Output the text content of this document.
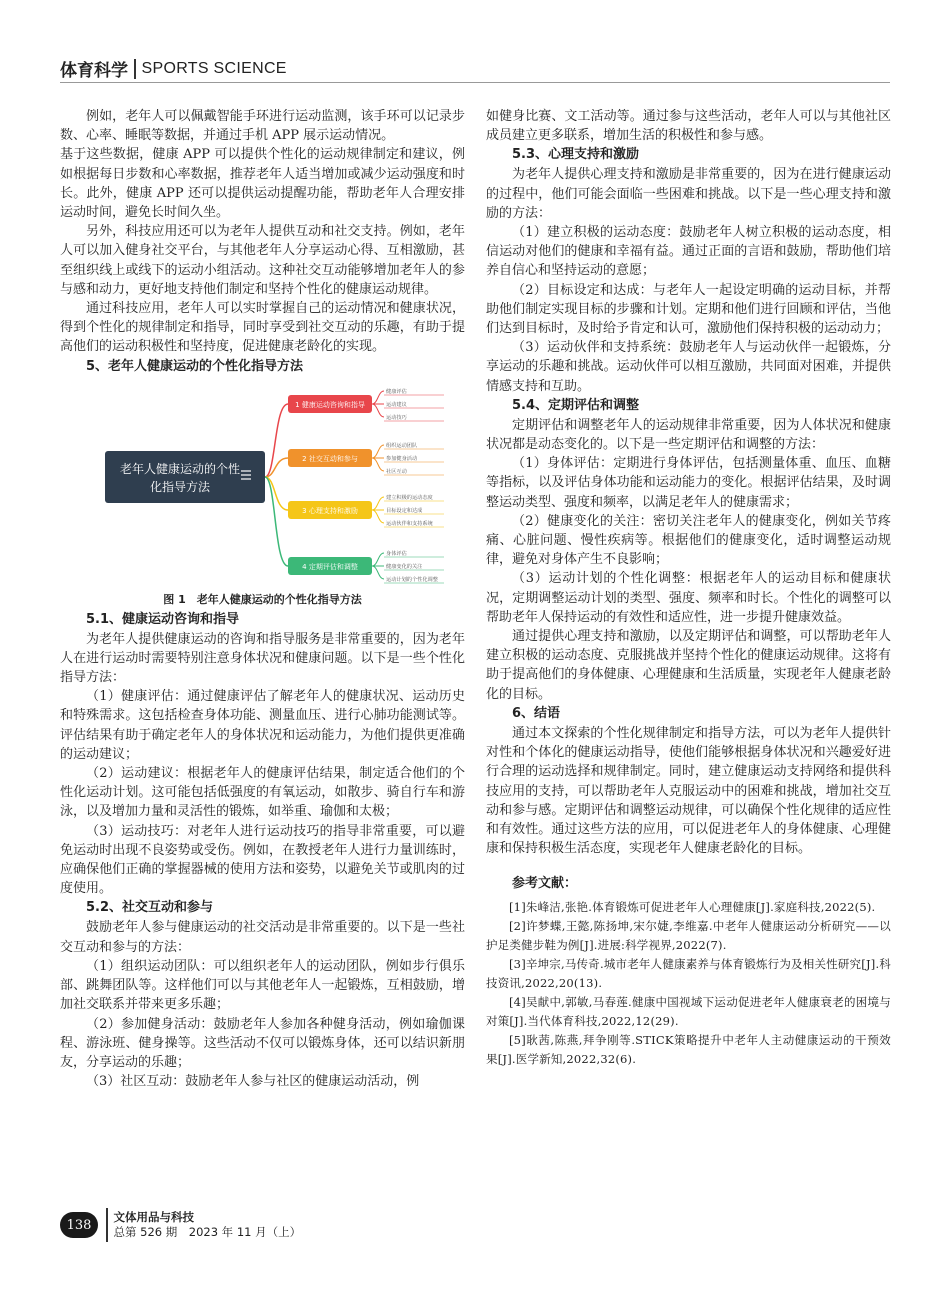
体育科学 SPORTS SCIENCE

例如，老年人可以佩戴智能手环进行运动监测，该手环可以记录步数、心率、睡眠等数据，并通过手机 APP 展示运动情况。

基于这些数据，健康 APP 可以提供个性化的运动规律制定和建议，例如根据每日步数和心率数据，推荐老年人适当增加或减少运动强度和时长。此外，健康 APP 还可以提供运动提醒功能，帮助老年人合理安排运动时间，避免长时间久坐。

另外，科技应用还可以为老年人提供互动和社交支持。例如，老年人可以加入健身社交平台，与其他老年人分享运动心得、互相激励，甚至组织线上或线下的运动小组活动。这种社交互动能够增加老年人的参与感和动力，更好地支持他们制定和坚持个性化的健康运动规律。

通过科技应用，老年人可以实时掌握自己的运动情况和健康状况，得到个性化的规律制定和指导，同时享受到社交互动的乐趣，有助于提高他们的运动积极性和坚持度，促进健康老龄化的实现。

5、老年人健康运动的个性化指导方法
老年人健康运动的个性
化指导方法
1 健康运动咨询和指导
健康评估
运动建议
运动技巧
2 社交互动和参与
组织运动团队
参加健身活动
社区互动
3 心理支持和激励
建立积极的运动态度
目标设定和达成
运动伙伴和支持系统
4 定期评估和调整
身体评估
健康变化的关注
运动计划的个性化调整
图 1　老年人健康运动的个性化指导方法
5.1、健康运动咨询和指导

为老年人提供健康运动的咨询和指导服务是非常重要的，因为老年人在进行运动时需要特别注意身体状况和健康问题。以下是一些个性化指导方法：

（1）健康评估：通过健康评估了解老年人的健康状况、运动历史和特殊需求。这包括检查身体功能、测量血压、进行心肺功能测试等。评估结果有助于确定老年人的身体状况和运动能力，为他们提供更准确的运动建议；

（2）运动建议：根据老年人的健康评估结果，制定适合他们的个性化运动计划。这可能包括低强度的有氧运动，如散步、骑自行车和游泳，以及增加力量和灵活性的锻炼，如举重、瑜伽和太极；

（3）运动技巧：对老年人进行运动技巧的指导非常重要，可以避免运动时出现不良姿势或受伤。例如，在教授老年人进行力量训练时，应确保他们正确的掌握器械的使用方法和姿势，以避免关节或肌肉的过度使用。

5.2、社交互动和参与

鼓励老年人参与健康运动的社交活动是非常重要的。以下是一些社交互动和参与的方法：

（1）组织运动团队：可以组织老年人的运动团队，例如步行俱乐部、跳舞团队等。这样他们可以与其他老年人一起锻炼，互相鼓励，增加社交联系并带来更多乐趣；

（2）参加健身活动：鼓励老年人参加各种健身活动，例如瑜伽课程、游泳班、健身操等。这些活动不仅可以锻炼身体，还可以结识新朋友，分享运动的乐趣；

（3）社区互动：鼓励老年人参与社区的健康运动活动，例

如健身比赛、文工活动等。通过参与这些活动，老年人可以与其他社区成员建立更多联系，增加生活的积极性和参与感。

5.3、心理支持和激励

为老年人提供心理支持和激励是非常重要的，因为在进行健康运动的过程中，他们可能会面临一些困难和挑战。以下是一些心理支持和激励的方法：

（1）建立积极的运动态度：鼓励老年人树立积极的运动态度，相信运动对他们的健康和幸福有益。通过正面的言语和鼓励，帮助他们培养自信心和坚持运动的意愿；

（2）目标设定和达成：与老年人一起设定明确的运动目标，并帮助他们制定实现目标的步骤和计划。定期和他们进行回顾和评估，当他们达到目标时，及时给予肯定和认可，激励他们保持积极的运动动力；

（3）运动伙伴和支持系统：鼓励老年人与运动伙伴一起锻炼，分享运动的乐趣和挑战。运动伙伴可以相互激励，共同面对困难，并提供情感支持和互助。

5.4、定期评估和调整

定期评估和调整老年人的运动规律非常重要，因为人体状况和健康状况都是动态变化的。以下是一些定期评估和调整的方法：

（1）身体评估：定期进行身体评估，包括测量体重、血压、血糖等指标，以及评估身体功能和运动能力的变化。根据评估结果，及时调整运动类型、强度和频率，以满足老年人的健康需求；

（2）健康变化的关注：密切关注老年人的健康变化，例如关节疼痛、心脏问题、慢性疾病等。根据他们的健康变化，适时调整运动规律，避免对身体产生不良影响；

（3）运动计划的个性化调整：根据老年人的运动目标和健康状况，定期调整运动计划的类型、强度、频率和时长。个性化的调整可以帮助老年人保持运动的有效性和适应性，进一步提升健康效益。

通过提供心理支持和激励，以及定期评估和调整，可以帮助老年人建立积极的运动态度、克服挑战并坚持个性化的健康运动规律。这将有助于提高他们的身体健康、心理健康和生活质量，实现老年人健康老龄化的目标。

6、结语

通过本文探索的个性化规律制定和指导方法，可以为老年人提供针对性和个体化的健康运动指导，使他们能够根据身体状况和兴趣爱好进行合理的运动选择和规律制定。同时，建立健康运动支持网络和提供科技应用的支持，可以帮助老年人克服运动中的困难和挑战，增加社交互动和参与感。定期评估和调整运动规律，可以确保个性化规律的适应性和有效性。通过这些方法的应用，可以促进老年人的身体健康、心理健康和保持积极生活态度，实现老年人健康老龄化的目标。

参考文献：

[1]朱峰洁,张艳.体育锻炼可促进老年人心理健康[J].家庭科技,2022(5).

[2]许梦蝶,王懿,陈扬坤,宋尔婕,李维嘉.中老年人健康运动分析研究——以护足类健步鞋为例[J].进展:科学视界,2022(7).

[3]辛坤宗,马传奇.城市老年人健康素养与体育锻炼行为及相关性研究[J].科技资讯,2022,20(13).

[4]吴献中,郭敏,马春莲.健康中国视域下运动促进老年人健康衰老的困境与对策[J].当代体育科技,2022,12(29).

[5]耿茜,陈燕,拜争刚等.STICK策略提升中老年人主动健康运动的干预效果[J].医学新知,2022,32(6).

138
文体用品与科技
总第 526 期　2023 年 11 月（上）
